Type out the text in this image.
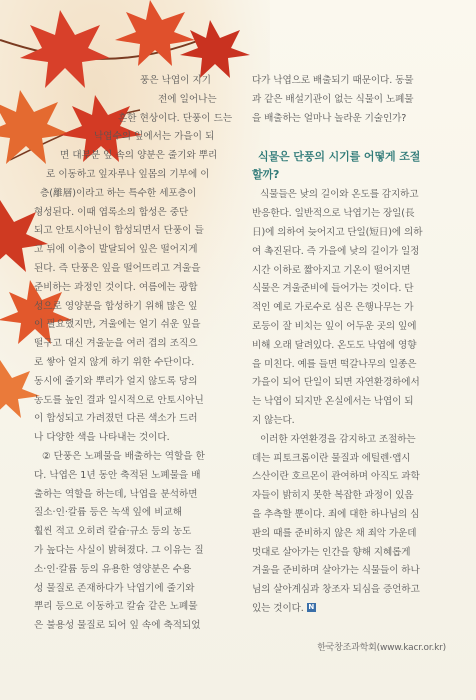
풍은 낙엽이 지기
전에 일어나는
흔한 현상이다. 단풍이 드는
낙엽수의 잎에서는 가을이 되
면 대부분 잎 속의 양분은 줄기와 뿌리
로 이동하고 잎자루나 잎몸의 기부에 이
층(離層)이라고 하는 특수한 세포층이
형성된다. 이때 엽록소의 합성은 중단
되고 안토시아닌이 합성되면서 단풍이 들
고 뒤에 이층이 발달되어 잎은 떨어지게
된다. 즉 단풍은 잎을 떨어뜨리고 겨울을
준비하는 과정인 것이다. 여름에는 광합
성으로 영양분을 합성하기 위해 많은 잎
이 필요했지만, 겨울에는 얼기 쉬운 잎을
떨구고 대신 겨울눈을 여러 겹의 조직으
로 쌓아 얼지 않게 하기 위한 수단이다.
동시에 줄기와 뿌리가 얼지 않도록 당의
농도를 높인 결과 일시적으로 안토시아닌
이 합성되고 가려졌던 다른 색소가 드러
나 다양한 색을 나타내는 것이다.
② 단풍은 노폐물을 배출하는 역할을 한
다. 낙엽은 1년 동안 축적된 노폐물을 배
출하는 역할을 하는데, 낙엽을 분석하면
질소·인·칼륨 등은 녹색 잎에 비교해
훨씬 적고 오히려 칼슘·규소 등의 농도
가 높다는 사실이 밝혀졌다. 그 이유는 질
소·인·칼륨 등의 유용한 영양분은 수용
성 물질로 존재하다가 낙엽기에 줄기와
뿌리 등으로 이동하고 칼슘 같은 노폐물
은 불용성 물질로 되어 잎 속에 축적되었
다가 낙엽으로 배출되기 때문이다. 동물
과 같은 배설기관이 없는 식물이 노폐물
을 배출하는 얼마나 놀라운 기술인가?
식물은 단풍의 시기를 어떻게 조절
할까?
식물들은 낮의 길이와 온도를 감지하고
반응한다. 일반적으로 낙엽기는 장일(長
日)에 의하여 늦어지고 단일(短日)에 의하
여 촉진된다. 즉 가을에 낮의 길이가 일정
시간 이하로 짧아지고 기온이 떨어지면
식물은 겨울준비에 들어가는 것이다. 단
적인 예로 가로수로 심은 은행나무는 가
로등이 잘 비치는 잎이 어두운 곳의 잎에
비해 오래 달려있다. 온도도 낙엽에 영향
을 미친다. 예를 들면 떡갈나무의 일종은
가을이 되어 단일이 되면 자연환경하에서
는 낙엽이 되지만 온실에서는 낙엽이 되
지 않는다.
이러한 자연환경을 감지하고 조절하는
데는 피토크롬이란 물질과 에틸렌·앱시
스산이란 호르몬이 관여하며 아직도 과학
자들이 밝히지 못한 복잡한 과정이 있음
을 추측할 뿐이다. 죄에 대한 하나님의 심
판의 때를 준비하지 않은 채 죄악 가운데
멋대로 살아가는 인간을 향해 지혜롭게
겨울을 준비하며 살아가는 식물들이 하나
님의 살아계심과 창조자 되심을 증언하고
있는 것이다. N
한국창조과학회(www.kacr.or.kr)
